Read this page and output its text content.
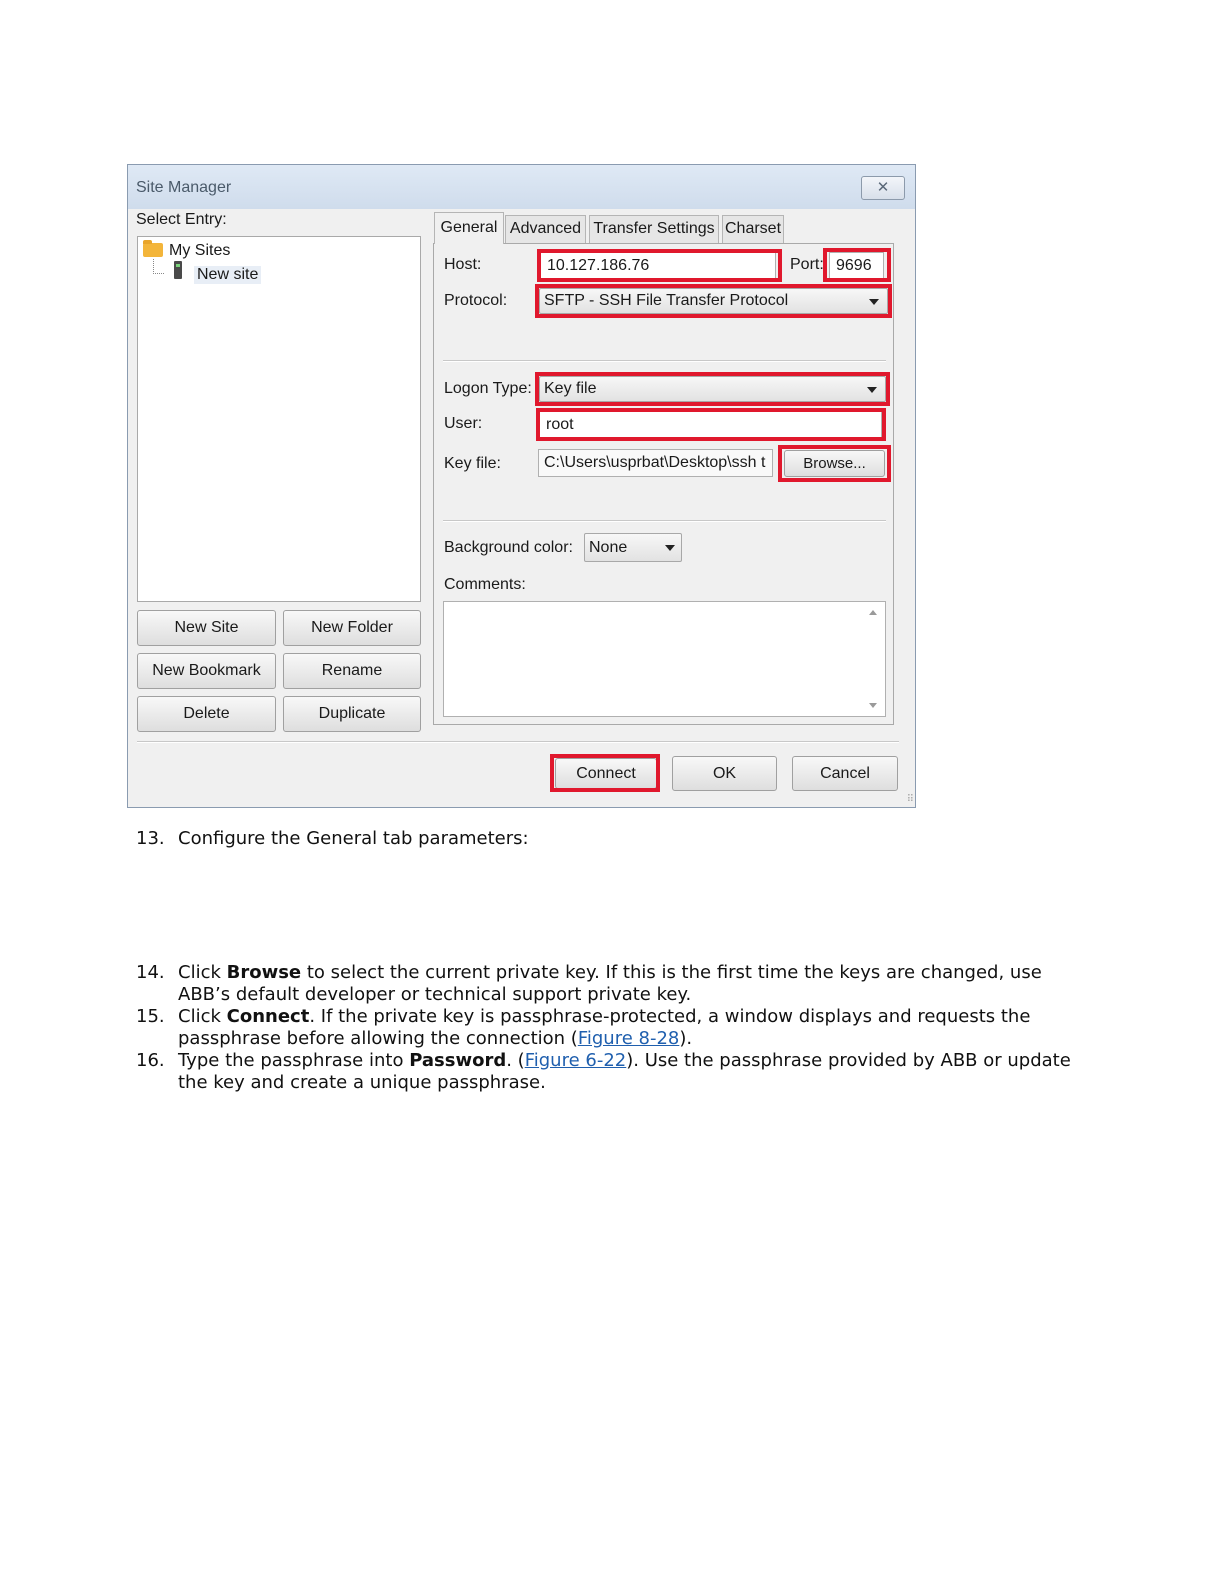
Site Manager	✕
Select Entry:
My Sites
New site
New Site	New Folder
New Bookmark	Rename
Delete	Duplicate
General Advanced Transfer Settings Charset
Host:	10.127.186.76	Port: 9696
Protocol:	SFTP - SSH File Transfer Protocol
Logon Type: Key file
User:	root
Key file:	C:\Users\usprbat\Desktop\ssh t	Browse...
Background color:	None
Comments:
Connect	OK	Cancel
⠿
13. Configure the General tab parameters:
14. Click Browse to select the current private key. If this is the first time the keys are changed, use ABB’s default developer or technical support private key.
15. Click Connect. If the private key is passphrase-protected, a window displays and requests the passphrase before allowing the connection (Figure 8-28).
16. Type the passphrase into Password. (Figure 6-22). Use the passphrase provided by ABB or update the key and create a unique passphrase.
